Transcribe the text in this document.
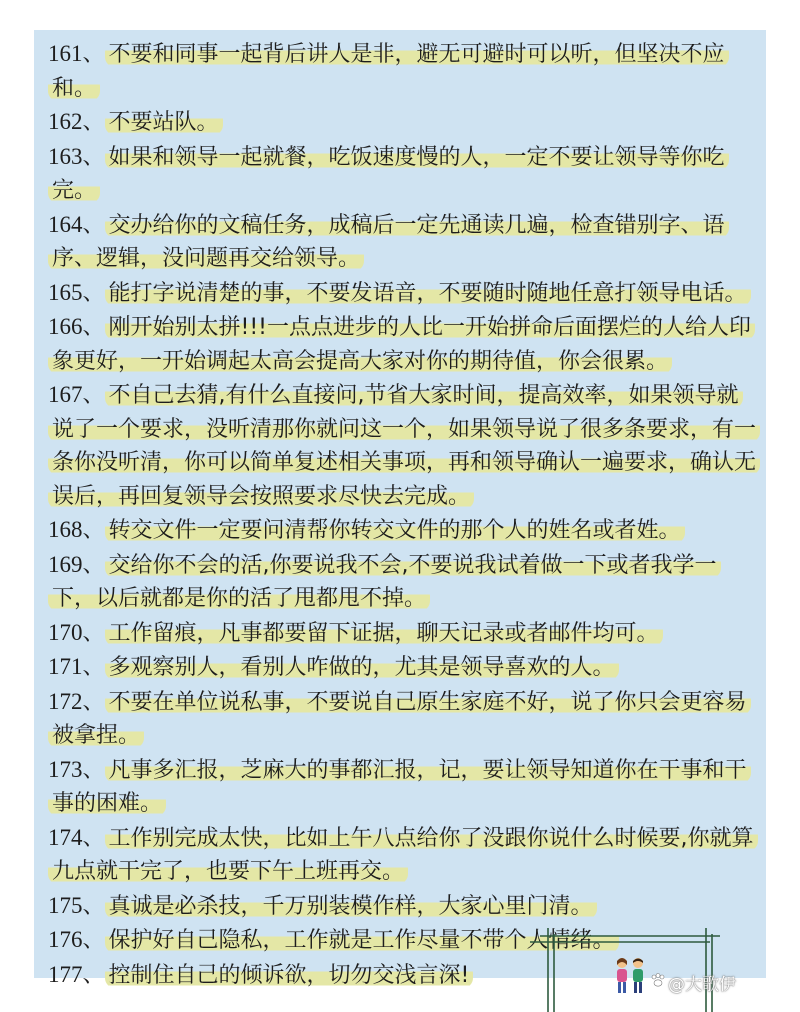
161、 不要和同事一起背后讲人是非，避无可避时可以听，但坚决不应和。

162、 不要站队。

163、 如果和领导一起就餐，吃饭速度慢的人，一定不要让领导等你吃完。

164、 交办给你的文稿任务，成稿后一定先通读几遍，检查错别字、语序、逻辑，没问题再交给领导。

165、 能打字说清楚的事，不要发语音，不要随时随地任意打领导电话。

166、 刚开始别太拼!!!一点点进步的人比一开始拼命后面摆烂的人给人印象更好，一开始调起太高会提高大家对你的期待值，你会很累。

167、 不自己去猜,有什么直接问,节省大家时间，提高效率，如果领导就说了一个要求，没听清那你就问这一个，如果领导说了很多条要求，有一条你没听清，你可以简单复述相关事项，再和领导确认一遍要求，确认无误后，再回复领导会按照要求尽快去完成。

168、 转交文件一定要问清帮你转交文件的那个人的姓名或者姓。

169、 交给你不会的活,你要说我不会,不要说我试着做一下或者我学一下，以后就都是你的活了甩都甩不掉。

170、 工作留痕，凡事都要留下证据，聊天记录或者邮件均可。

171、 多观察别人，看别人咋做的，尤其是领导喜欢的人。

172、 不要在单位说私事，不要说自己原生家庭不好，说了你只会更容易被拿捏。

173、 凡事多汇报，芝麻大的事都汇报，记，要让领导知道你在干事和干事的困难。

174、 工作别完成太快，比如上午八点给你了没跟你说什么时候要,你就算九点就干完了，也要下午上班再交。

175、 真诚是必杀技，千万别装模作样，大家心里门清。

176、 保护好自己隐私，工作就是工作尽量不带个人情绪。

177、 控制住自己的倾诉欲，切勿交浅言深!	@大歌伊
